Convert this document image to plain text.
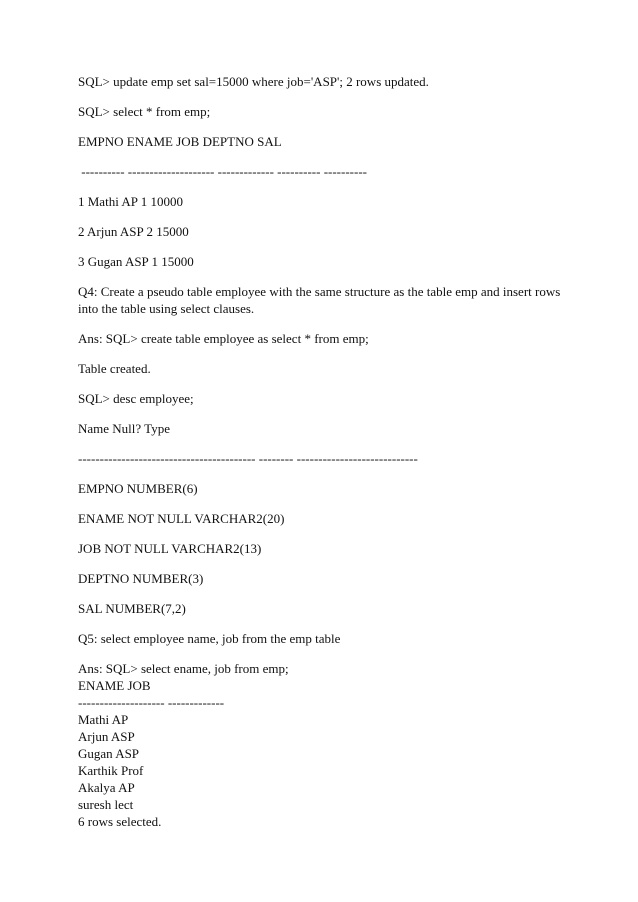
SQL> update emp set sal=15000 where job='ASP'; 2 rows updated.

SQL> select * from emp;

EMPNO ENAME JOB DEPTNO SAL

---------- -------------------- ------------- ---------- ----------

1 Mathi AP 1 10000

2 Arjun ASP 2 15000

3 Gugan ASP 1 15000

Q4: Create a pseudo table employee with the same structure as the table emp and insert rows into the table using select clauses.

Ans: SQL> create table employee as select * from emp;

Table created.

SQL> desc employee;

Name Null? Type

----------------------------------------- -------- ----------------------------

EMPNO NUMBER(6)

ENAME NOT NULL VARCHAR2(20)

JOB NOT NULL VARCHAR2(13)

DEPTNO NUMBER(3)

SAL NUMBER(7,2)

Q5: select employee name, job from the emp table

Ans: SQL> select ename, job from emp;

ENAME JOB

-------------------- -------------

Mathi AP

Arjun ASP

Gugan ASP

Karthik Prof

Akalya AP

suresh lect

6 rows selected.
